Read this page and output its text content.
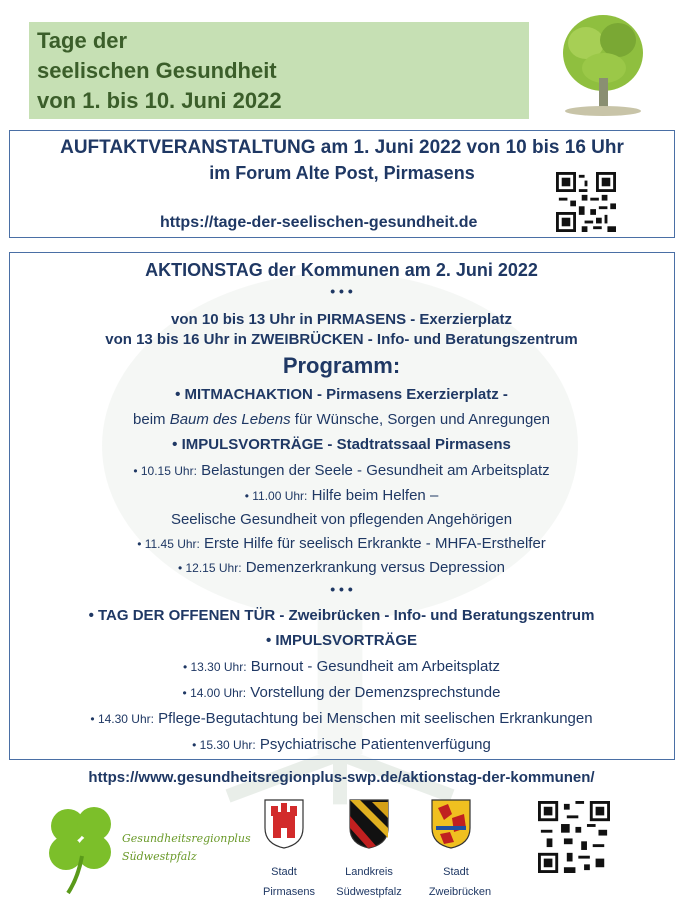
Tage der
seelischen Gesundheit
von 1. bis 10. Juni 2022
AUFTAKTVERANSTALTUNG am 1. Juni 2022 von 10 bis 16 Uhr
im Forum Alte Post, Pirmasens
https://tage-der-seelischen-gesundheit.de
AKTIONSTAG der Kommunen am 2. Juni 2022
• • •
von 10 bis 13 Uhr in PIRMASENS - Exerzierplatz
von 13 bis 16 Uhr in ZWEIBRÜCKEN - Info- und Beratungszentrum
Programm:
• MITMACHAKTION - Pirmasens Exerzierplatz -
beim Baum des Lebens für Wünsche, Sorgen und Anregungen
• IMPULSVORTRÄGE - Stadtratssaal Pirmasens
• 10.15 Uhr: Belastungen der Seele - Gesundheit am Arbeitsplatz
• 11.00 Uhr: Hilfe beim Helfen –
Seelische Gesundheit von pflegenden Angehörigen
• 11.45 Uhr: Erste Hilfe für seelisch Erkrankte - MHFA-Ersthelfer
• 12.15 Uhr: Demenzerkrankung versus Depression
• • •
• TAG DER OFFENEN TÜR - Zweibrücken - Info- und Beratungszentrum
• IMPULSVORTRÄGE
• 13.30 Uhr: Burnout - Gesundheit am Arbeitsplatz
• 14.00 Uhr: Vorstellung der Demenzsprechstunde
• 14.30 Uhr: Pflege-Begutachtung bei Menschen mit seelischen Erkrankungen
• 15.30 Uhr: Psychiatrische Patientenverfügung
https://www.gesundheitsregionplus-swp.de/aktionstag-der-kommunen/
Gesundheitsregionplus
Südwestpfalz
Stadt
Pirmasens
Landkreis
Südwestpfalz
Stadt
Zweibrücken
